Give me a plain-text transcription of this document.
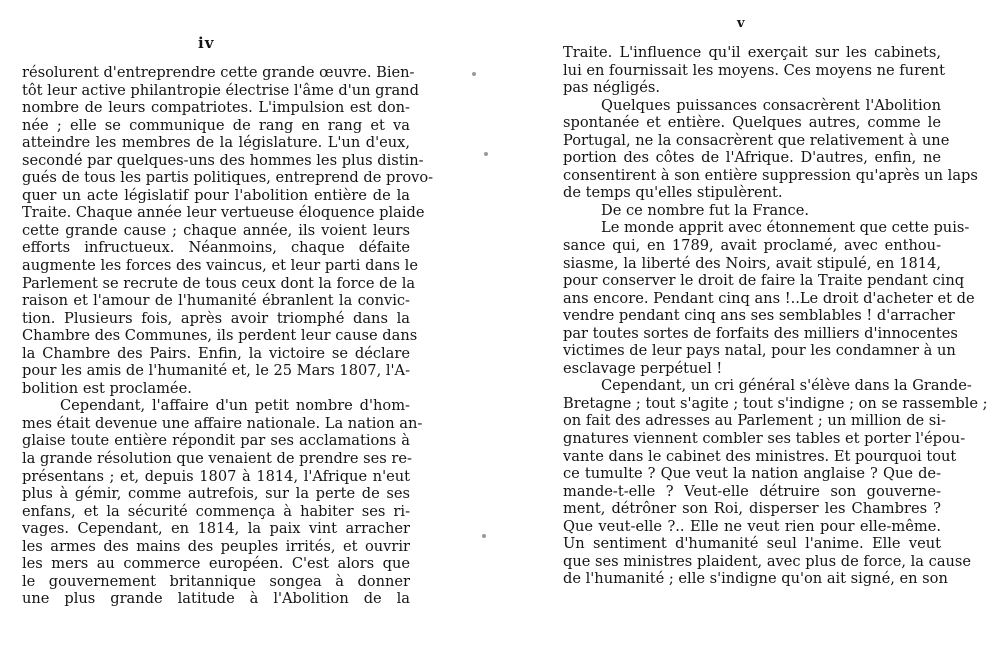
iv
résolurent d'entreprendre cette grande œuvre. Bien-
tôt leur active philantropie électrise l'âme d'un grand
nombre de leurs compatriotes. L'impulsion est don-
née ; elle se communique de rang en rang et va
atteindre les membres de la législature. L'un d'eux,
secondé par quelques-uns des hommes les plus distin-
gués de tous les partis politiques, entreprend de provo-
quer un acte législatif pour l'abolition entière de la
Traite. Chaque année leur vertueuse éloquence plaide
cette grande cause ; chaque année, ils voient leurs
efforts infructueux. Néanmoins, chaque défaite
augmente les forces des vaincus, et leur parti dans le
Parlement se recrute de tous ceux dont la force de la
raison et l'amour de l'humanité ébranlent la convic-
tion. Plusieurs fois, après avoir triomphé dans la
Chambre des Communes, ils perdent leur cause dans
la Chambre des Pairs. Enfin, la victoire se déclare
pour les amis de l'humanité et, le 25 Mars 1807, l'A-
bolition est proclamée.
Cependant, l'affaire d'un petit nombre d'hom-
mes était devenue une affaire nationale. La nation an-
glaise toute entière répondit par ses acclamations à
la grande résolution que venaient de prendre ses re-
présentans ; et, depuis 1807 à 1814, l'Afrique n'eut
plus à gémir, comme autrefois, sur la perte de ses
enfans, et la sécurité commença à habiter ses ri-
vages. Cependant, en 1814, la paix vint arracher
les armes des mains des peuples irrités, et ouvrir
les mers au commerce européen. C'est alors que
le gouvernement britannique songea à donner
une plus grande latitude à l'Abolition de la
v
Traite. L'influence qu'il exerçait sur les cabinets,
lui en fournissait les moyens. Ces moyens ne furent
pas négligés.
Quelques puissances consacrèrent l'Abolition
spontanée et entière. Quelques autres, comme le
Portugal, ne la consacrèrent que relativement à une
portion des côtes de l'Afrique. D'autres, enfin, ne
consentirent à son entière suppression qu'après un laps
de temps qu'elles stipulèrent.
De ce nombre fut la France.
Le monde apprit avec étonnement que cette puis-
sance qui, en 1789, avait proclamé, avec enthou-
siasme, la liberté des Noirs, avait stipulé, en 1814,
pour conserver le droit de faire la Traite pendant cinq
ans encore. Pendant cinq ans !..Le droit d'acheter et de
vendre pendant cinq ans ses semblables ! d'arracher
par toutes sortes de forfaits des milliers d'innocentes
victimes de leur pays natal, pour les condamner à un
esclavage perpétuel !
Cependant, un cri général s'élève dans la Grande-
Bretagne ; tout s'agite ; tout s'indigne ; on se rassemble ;
on fait des adresses au Parlement ; un million de si-
gnatures viennent combler ses tables et porter l'épou-
vante dans le cabinet des ministres. Et pourquoi tout
ce tumulte ? Que veut la nation anglaise ? Que de-
mande-t-elle ? Veut-elle détruire son gouverne-
ment, détrôner son Roi, disperser les Chambres ?
Que veut-elle ?.. Elle ne veut rien pour elle-même.
Un sentiment d'humanité seul l'anime. Elle veut
que ses ministres plaident, avec plus de force, la cause
de l'humanité ; elle s'indigne qu'on ait signé, en son
